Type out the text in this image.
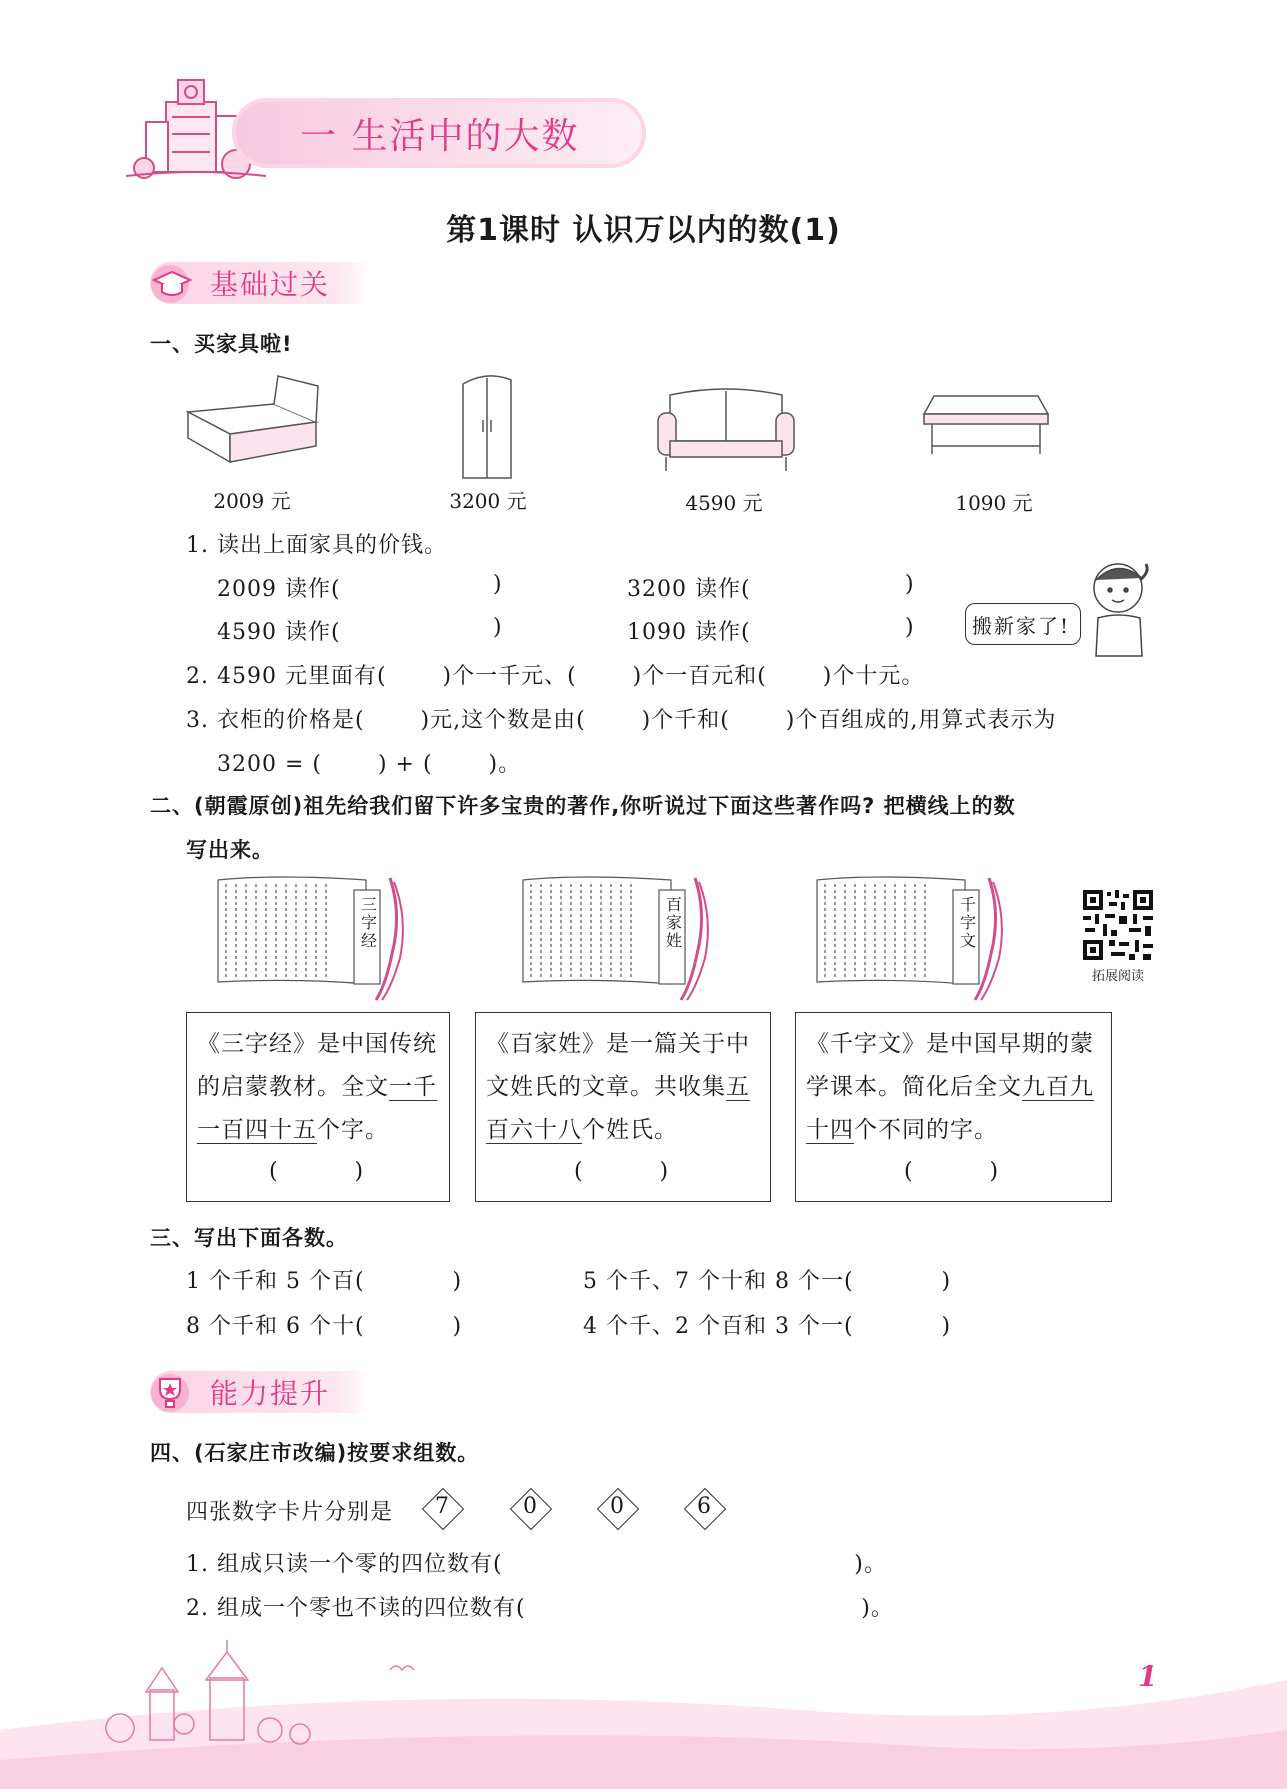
一 生活中的大数
第1课时 认识万以内的数(1)
基础过关
一、买家具啦!
2009 元	3200 元	4590 元	1090 元
1. 读出上面家具的价钱。
2009 读作(	)	3200 读作(	)
4590 读作(	)	1090 读作(	)	搬新家了!
2. 4590 元里面有(       )个一千元、(       )个一百元和(       )个十元。
3. 衣柜的价格是(       )元,这个数是由(       )个千和(       )个百组成的,用算式表示为
3200 = (       ) + (       )。
二、(朝霞原创)祖先给我们留下许多宝贵的著作,你听说过下面这些著作吗? 把横线上的数
写出来。
三字经
百家姓
千字文
拓展阅读
《三字经》是中国传统的启蒙教材。全文一千一百四十五个字。
(           )
《百家姓》是一篇关于中文姓氏的文章。共收集五百六十八个姓氏。
(           )
《千字文》是中国早期的蒙学课本。简化后全文九百九十四个不同的字。
(           )
三、写出下面各数。
1 个千和 5 个百(           )	5 个千、7 个十和 8 个一(           )
8 个千和 6 个十(           )	4 个千、2 个百和 3 个一(           )
能力提升
四、(石家庄市改编)按要求组数。
四张数字卡片分别是	7	0	0	6
1. 组成只读一个零的四位数有(                                            )。
2. 组成一个零也不读的四位数有(                                          )。
1
